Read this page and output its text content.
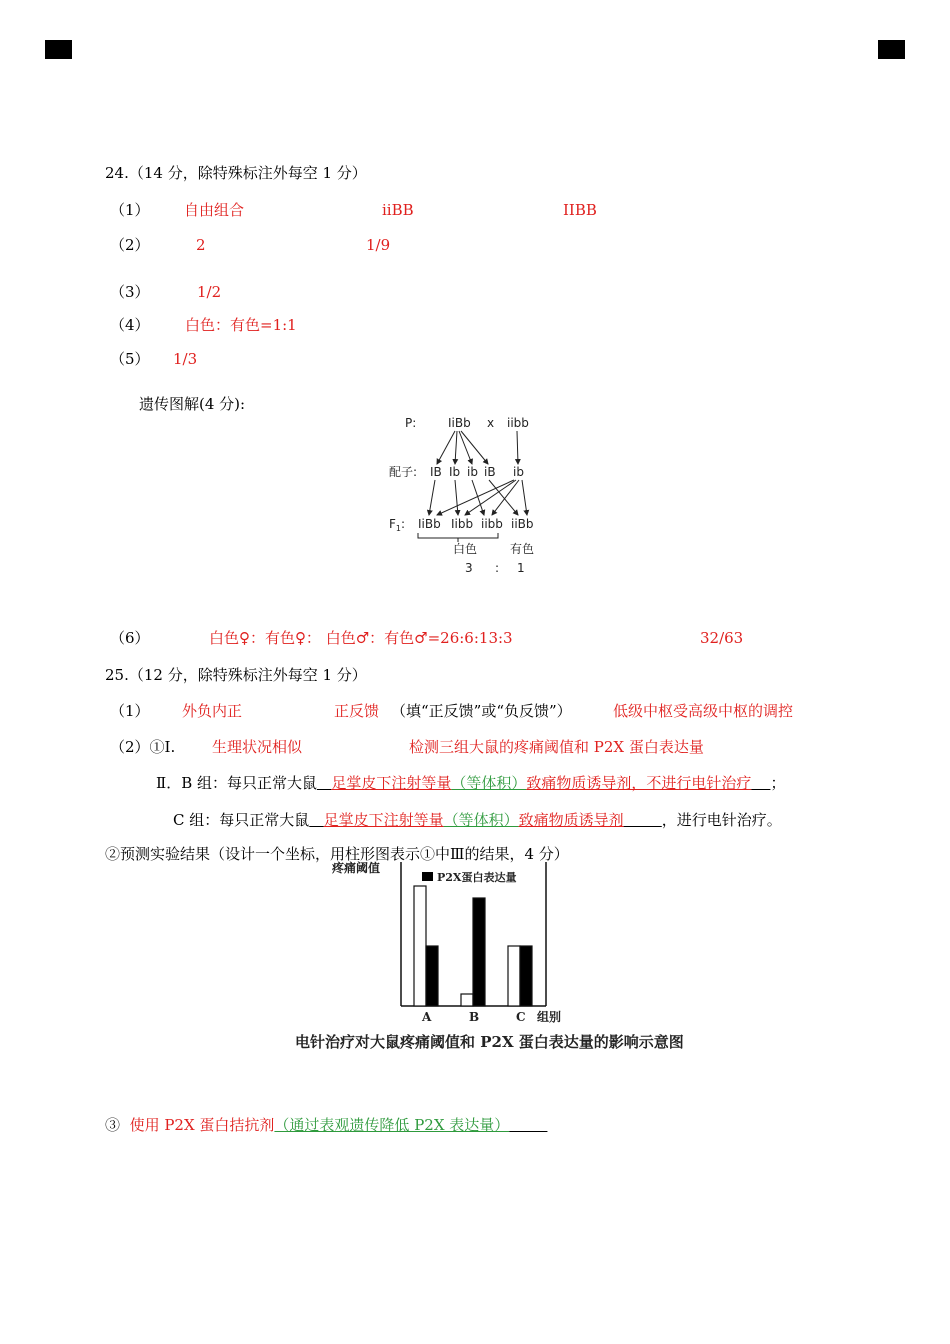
24.（14 分，除特殊标注外每空 1 分）
（1） 自由组合	iiBB	IIBB
（2）	2	1/9
（3）	1/2
（4） 白色：有色=1:1
（5） 1/3
遗传图解(4 分):
P:	IiBb x iibb
配子: IB Ib ib iB ib
$F_1$: IiBb Iibb iibb iiBb
白色	有色
3 : 1
（6）	白色♀：有色♀： 白色♂：有色♂=26:6:13:3	32/63
25.（12 分，除特殊标注外每空 1 分）
（1） 外负内正	正反馈 （填“正反馈”或“负反馈”）	低级中枢受高级中枢的调控
（2）①Ⅰ. 生理状况相似	检测三组大鼠的疼痛阈值和 P2X 蛋白表达量
Ⅱ．B 组：每只正常大鼠 足掌皮下注射等量（等体积）致痛物质诱导剂，不进行电针治疗 ；
C 组：每只正常大鼠 足掌皮下注射等量（等体积）致痛物质诱导剂	，进行电针治疗。
②预测实验结果（设计一个坐标，用柱形图表示①中Ⅲ的结果，4 分）
疼痛阈值
P2X蛋白表达量
组别
A	B	C
电针治疗对大鼠疼痛阈值和 P2X 蛋白表达量的影响示意图
③ 使用 P2X 蛋白拮抗剂（通过表观遗传降低 P2X 表达量）
